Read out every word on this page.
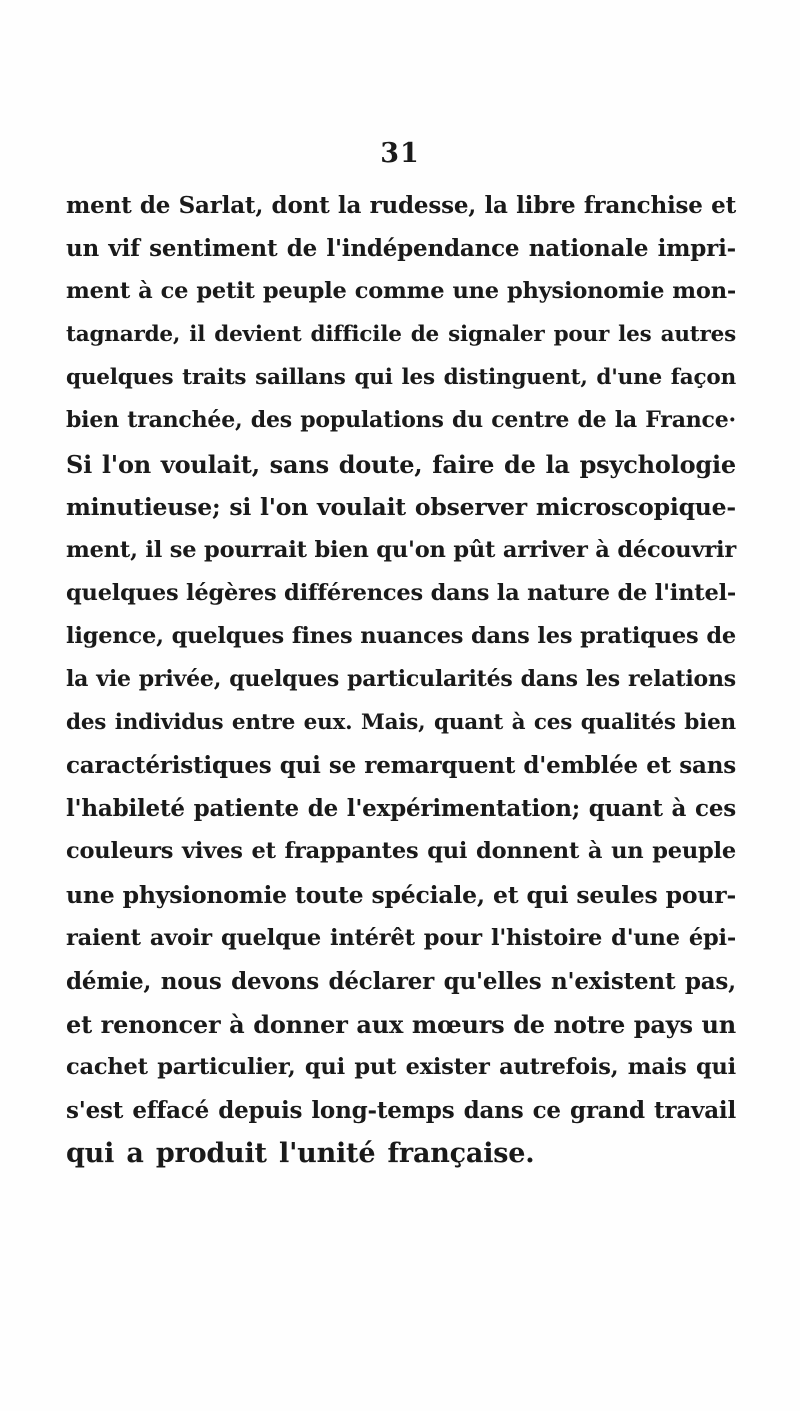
31
ment de Sarlat, dont la rudesse, la libre franchise et
un vif sentiment de l'indépendance nationale impri-
ment à ce petit peuple comme une physionomie mon-
tagnarde, il devient difficile de signaler pour les autres
quelques traits saillans qui les distinguent, d'une façon
bien tranchée, des populations du centre de la France·
Si l'on voulait, sans doute, faire de la psychologie
minutieuse; si l'on voulait observer microscopique-
ment, il se pourrait bien qu'on pût arriver à découvrir
quelques légères différences dans la nature de l'intel-
ligence, quelques fines nuances dans les pratiques de
la vie privée, quelques particularités dans les relations
des individus entre eux. Mais, quant à ces qualités bien
caractéristiques qui se remarquent d'emblée et sans
l'habileté patiente de l'expérimentation; quant à ces
couleurs vives et frappantes qui donnent à un peuple
une physionomie toute spéciale, et qui seules pour-
raient avoir quelque intérêt pour l'histoire d'une épi-
démie, nous devons déclarer qu'elles n'existent pas,
et renoncer à donner aux mœurs de notre pays un
cachet particulier, qui put exister autrefois, mais qui
s'est effacé depuis long-temps dans ce grand travail
qui a produit l'unité française.
